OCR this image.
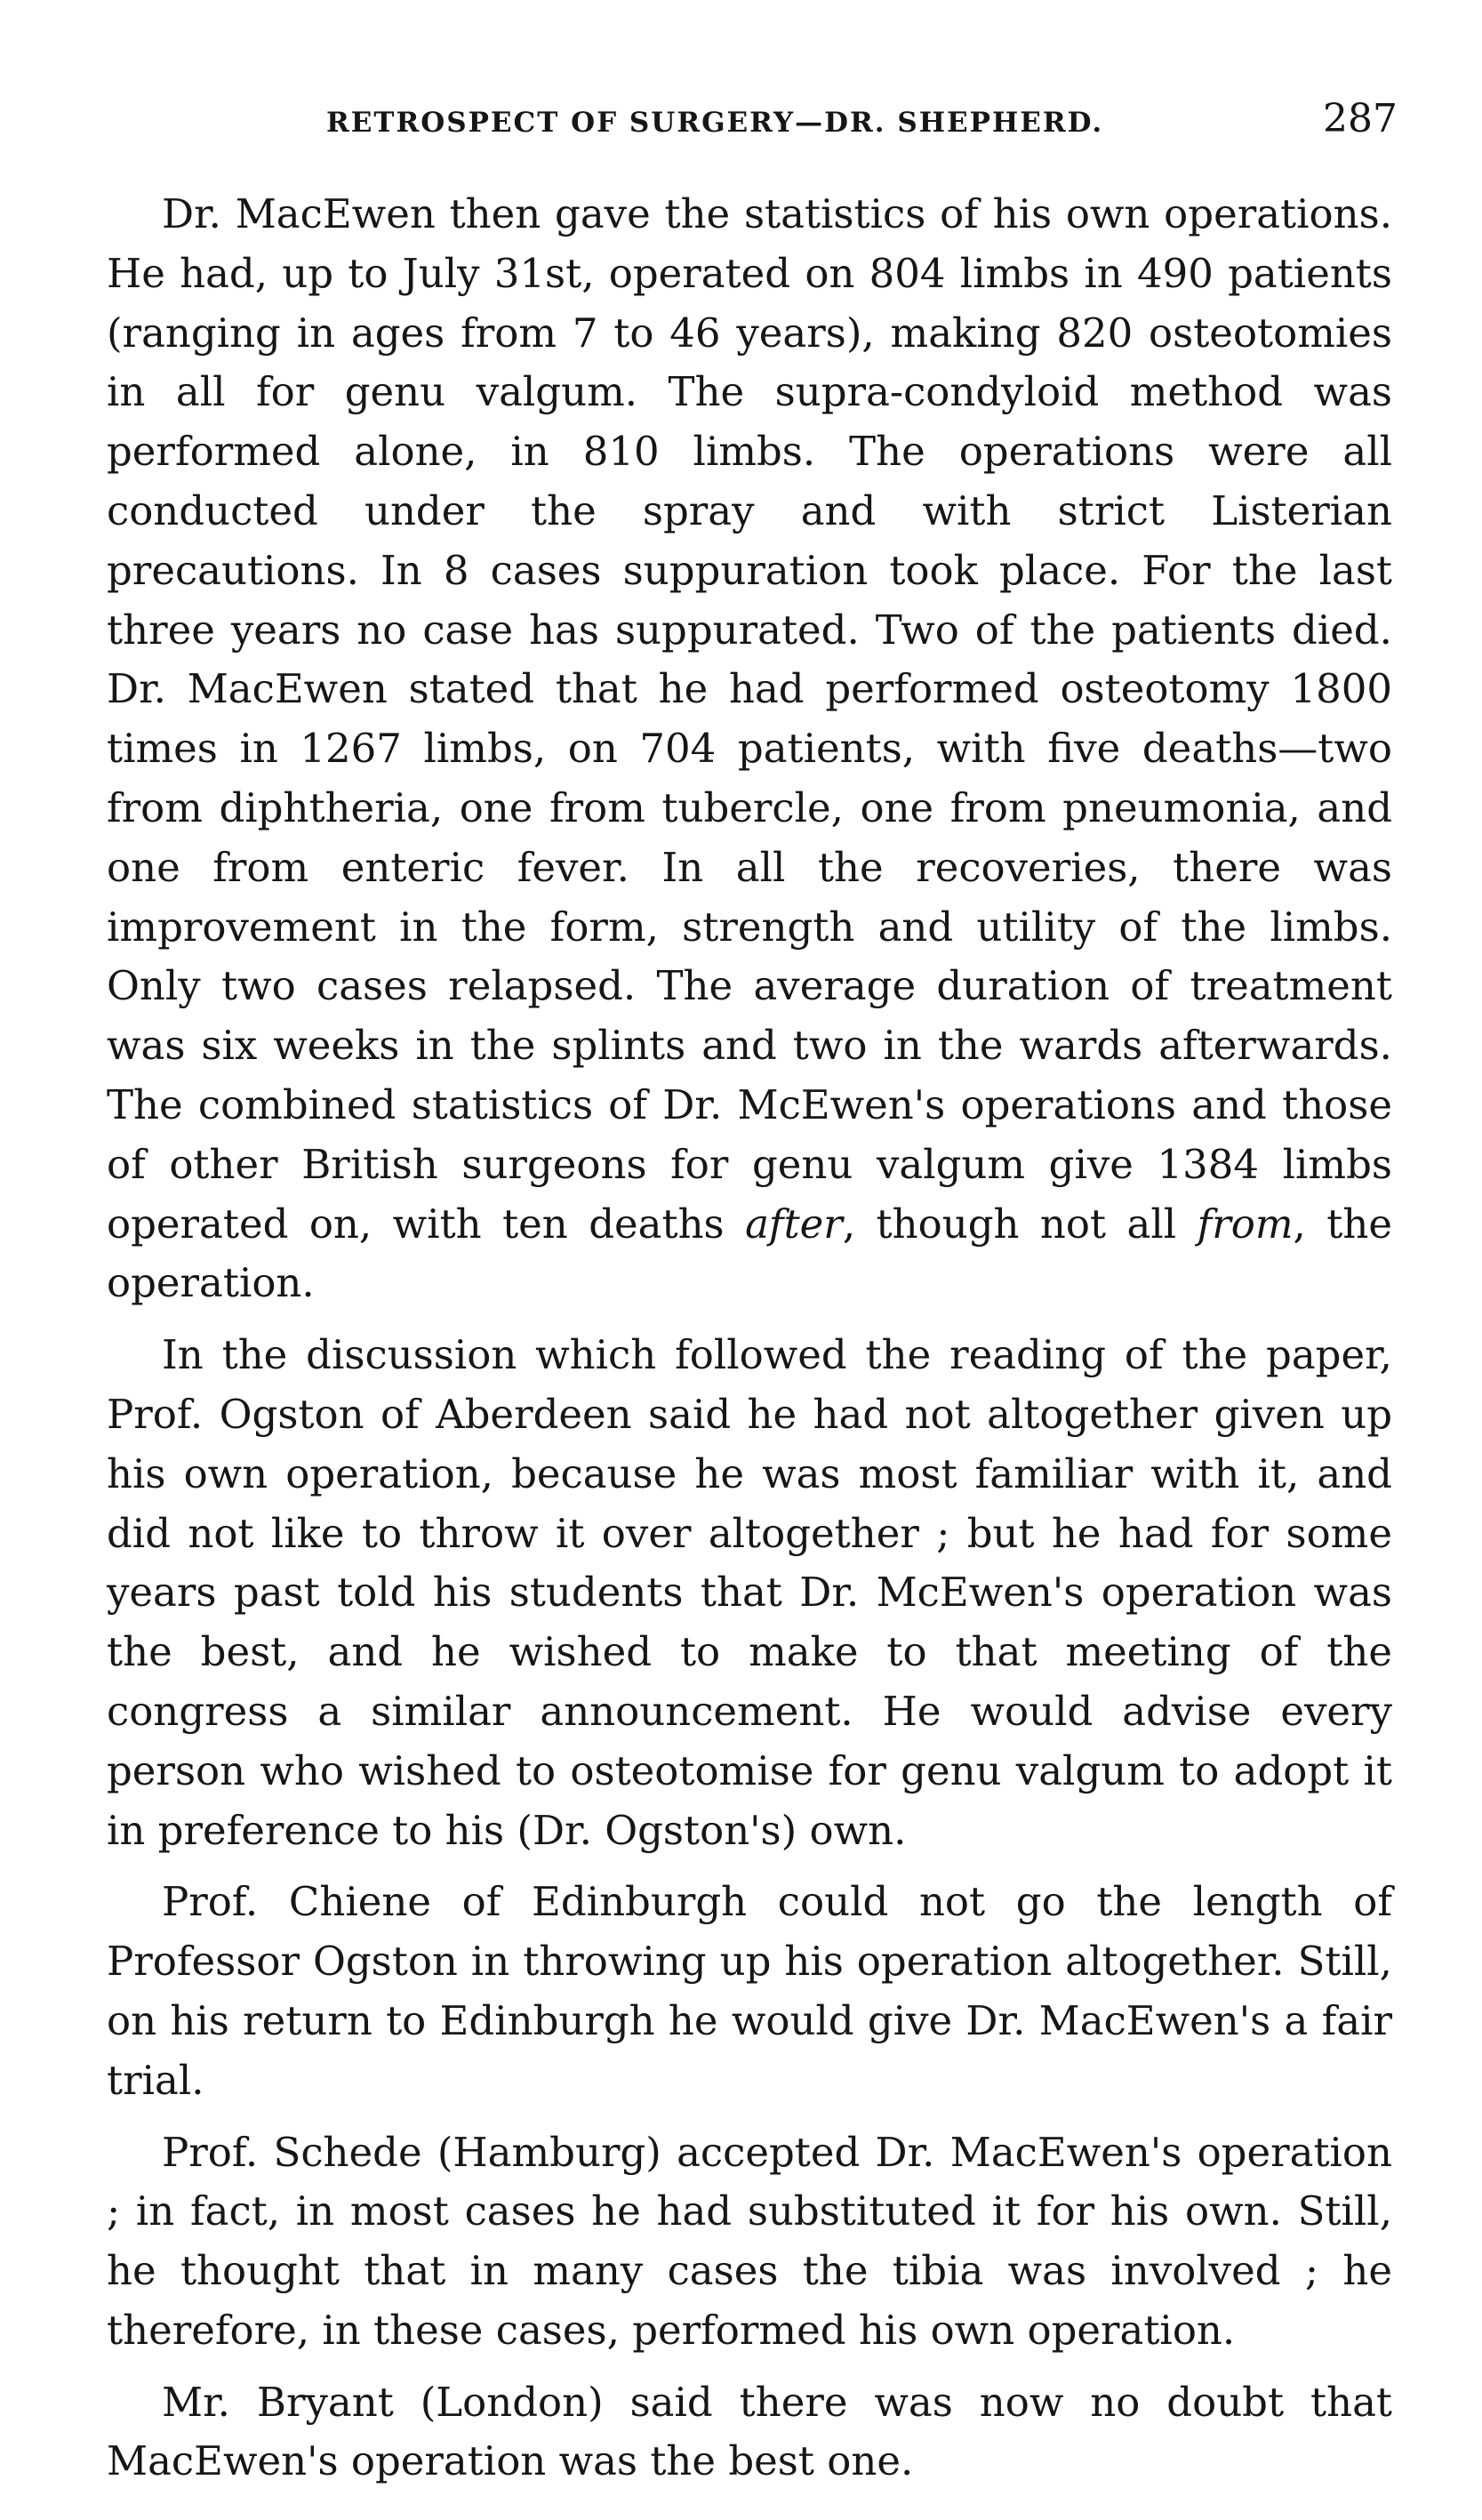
RETROSPECT OF SURGERY—DR. SHEPHERD.	287

Dr. MacEwen then gave the statistics of his own operations. He had, up to July 31st, operated on 804 limbs in 490 patients (ranging in ages from 7 to 46 years), making 820 osteotomies in all for genu valgum. The supra-condyloid method was performed alone, in 810 limbs. The operations were all conducted under the spray and with strict Listerian precautions. In 8 cases suppuration took place. For the last three years no case has suppurated. Two of the patients died. Dr. MacEwen stated that he had performed osteotomy 1800 times in 1267 limbs, on 704 patients, with five deaths—two from diphtheria, one from tubercle, one from pneumonia, and one from enteric fever. In all the recoveries, there was improvement in the form, strength and utility of the limbs. Only two cases relapsed. The average duration of treatment was six weeks in the splints and two in the wards afterwards. The combined statistics of Dr. McEwen's operations and those of other British surgeons for genu valgum give 1384 limbs operated on, with ten deaths after, though not all from, the operation.

In the discussion which followed the reading of the paper, Prof. Ogston of Aberdeen said he had not altogether given up his own operation, because he was most familiar with it, and did not like to throw it over altogether ; but he had for some years past told his students that Dr. McEwen's operation was the best, and he wished to make to that meeting of the congress a similar announcement. He would advise every person who wished to osteotomise for genu valgum to adopt it in preference to his (Dr. Ogston's) own.

Prof. Chiene of Edinburgh could not go the length of Professor Ogston in throwing up his operation altogether. Still, on his return to Edinburgh he would give Dr. MacEwen's a fair trial.

Prof. Schede (Hamburg) accepted Dr. MacEwen's operation ; in fact, in most cases he had substituted it for his own. Still, he thought that in many cases the tibia was involved ; he therefore, in these cases, performed his own operation.

Mr. Bryant (London) said there was now no doubt that MacEwen's operation was the best one.
